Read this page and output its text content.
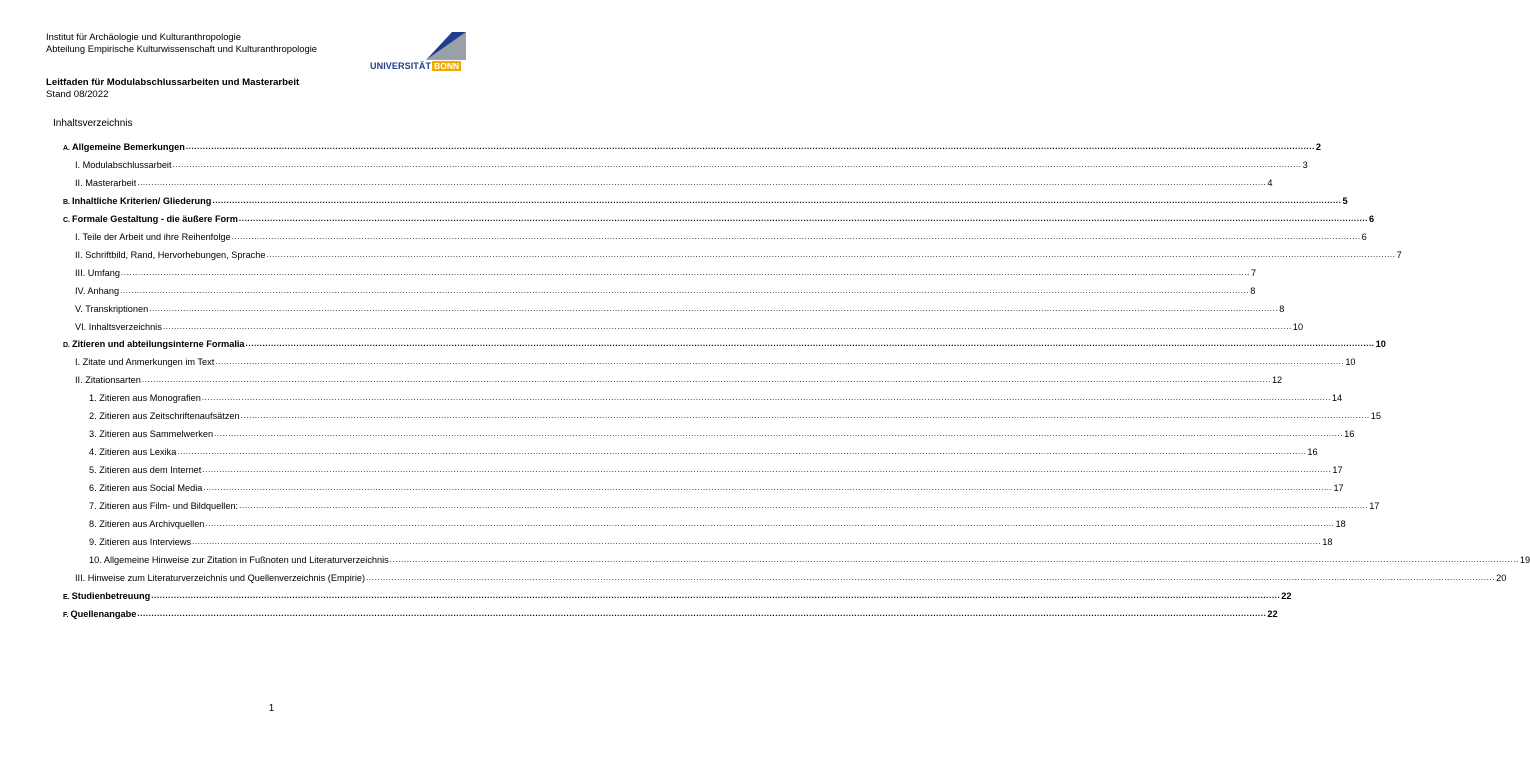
Institut für Archäologie und Kulturanthropologie
Abteilung Empirische Kulturwissenschaft und Kulturanthropologie
UNIVERSITÄT BONN
Leitfaden für Modulabschlussarbeiten und Masterarbeit
Stand 08/2022
Inhaltsverzeichnis
A. Allgemeine Bemerkungen ................................................................................................................................................................................................................................................................................................................................................................................................................ 2
I. Modulabschlussarbeit ................................................................................................................................................................................................................................................................................................................................................................................................................ 3
II. Masterarbeit ................................................................................................................................................................................................................................................................................................................................................................................................................ 4
B. Inhaltliche Kriterien/ Gliederung ................................................................................................................................................................................................................................................................................................................................................................................................................ 5
C. Formale Gestaltung - die äußere Form ................................................................................................................................................................................................................................................................................................................................................................................................................ 6
I. Teile der Arbeit und ihre Reihenfolge ................................................................................................................................................................................................................................................................................................................................................................................................................ 6
II. Schriftbild, Rand, Hervorhebungen, Sprache ................................................................................................................................................................................................................................................................................................................................................................................................................ 7
III. Umfang ................................................................................................................................................................................................................................................................................................................................................................................................................ 7
IV. Anhang ................................................................................................................................................................................................................................................................................................................................................................................................................ 8
V. Transkriptionen ................................................................................................................................................................................................................................................................................................................................................................................................................ 8
VI. Inhaltsverzeichnis ................................................................................................................................................................................................................................................................................................................................................................................................................ 10
D. Zitieren und abteilungsinterne Formalia ................................................................................................................................................................................................................................................................................................................................................................................................................ 10
I. Zitate und Anmerkungen im Text ................................................................................................................................................................................................................................................................................................................................................................................................................ 10
II. Zitationsarten ................................................................................................................................................................................................................................................................................................................................................................................................................ 12
1. Zitieren aus Monografien ................................................................................................................................................................................................................................................................................................................................................................................................................ 14
2. Zitieren aus Zeitschriftenaufsätzen ................................................................................................................................................................................................................................................................................................................................................................................................................ 15
3. Zitieren aus Sammelwerken ................................................................................................................................................................................................................................................................................................................................................................................................................ 16
4. Zitieren aus Lexika ................................................................................................................................................................................................................................................................................................................................................................................................................ 16
5. Zitieren aus dem Internet ................................................................................................................................................................................................................................................................................................................................................................................................................ 17
6. Zitieren aus Social Media ................................................................................................................................................................................................................................................................................................................................................................................................................ 17
7. Zitieren aus Film- und Bildquellen: ................................................................................................................................................................................................................................................................................................................................................................................................................ 17
8. Zitieren aus Archivquellen ................................................................................................................................................................................................................................................................................................................................................................................................................ 18
9. Zitieren aus Interviews ................................................................................................................................................................................................................................................................................................................................................................................................................ 18
10. Allgemeine Hinweise zur Zitation in Fußnoten und Literaturverzeichnis ................................................................................................................................................................................................................................................................................................................................................................................................................ 19
III. Hinweise zum Literaturverzeichnis und Quellenverzeichnis (Empirie) ................................................................................................................................................................................................................................................................................................................................................................................................................ 20
E. Studienbetreuung ................................................................................................................................................................................................................................................................................................................................................................................................................ 22
F. Quellenangabe ................................................................................................................................................................................................................................................................................................................................................................................................................ 22
1
